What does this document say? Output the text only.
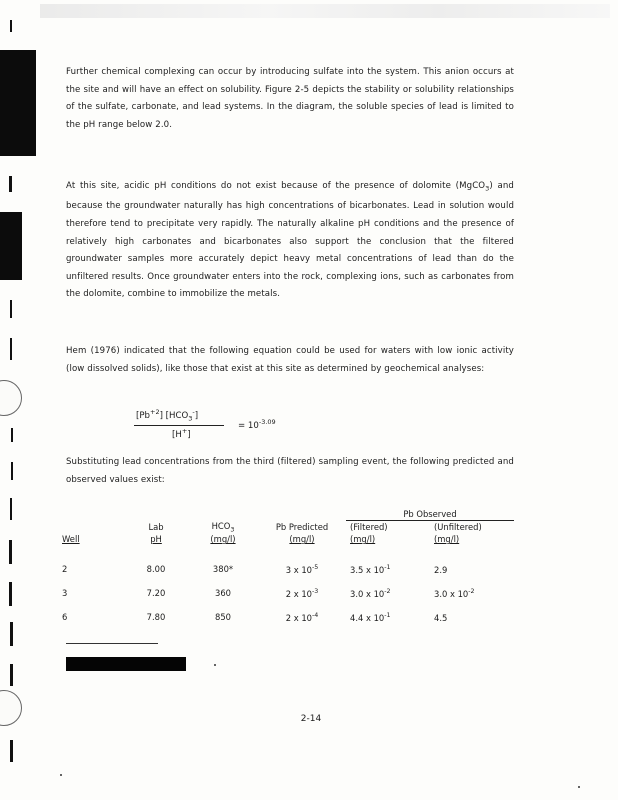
Further chemical complexing can occur by introducing sulfate into the system. This anion occurs at the site and will have an effect on solubility. Figure 2-5 depicts the stability or solubility relationships of the sulfate, carbonate, and lead systems. In the diagram, the soluble species of lead is limited to the pH range below 2.0.

At this site, acidic pH conditions do not exist because of the presence of dolomite (MgCO$_3$) and because the groundwater naturally has high concentrations of bicarbonates. Lead in solution would therefore tend to precipitate very rapidly. The naturally alkaline pH conditions and the presence of relatively high carbonates and bicarbonates also support the conclusion that the filtered groundwater samples more accurately depict heavy metal concentrations of lead than do the unfiltered results. Once groundwater enters into the rock, complexing ions, such as carbonates from the dolomite, combine to immobilize the metals.

Hem (1976) indicated that the following equation could be used for waters with low ionic activity (low dissolved solids), like those that exist at this site as determined by geochemical analyses:

$[Pb^{+2}]$ $[HCO_3^-]$
[H+]
= $10^{-3.09}$

Substituting lead concentrations from the third (filtered) sampling event, the following predicted and observed values exist:

				Pb Observed	
	Lab	$HCO_3$	Pb Predicted	(Filtered)	(Unfiltered)
Well	pH	(mg/l)	(mg/l)	(mg/l)	(mg/l)

2	8.00	380*	3 x $10^{-5}$	3.5 x $10^{-1}$	2.9
3	7.20	360	2 x $10^{-3}$	3.0 x $10^{-2}$	3.0 x $10^{-2}$
6	7.80	850	2 x $10^{-4}$	4.4 x $10^{-1}$	4.5
2-14
